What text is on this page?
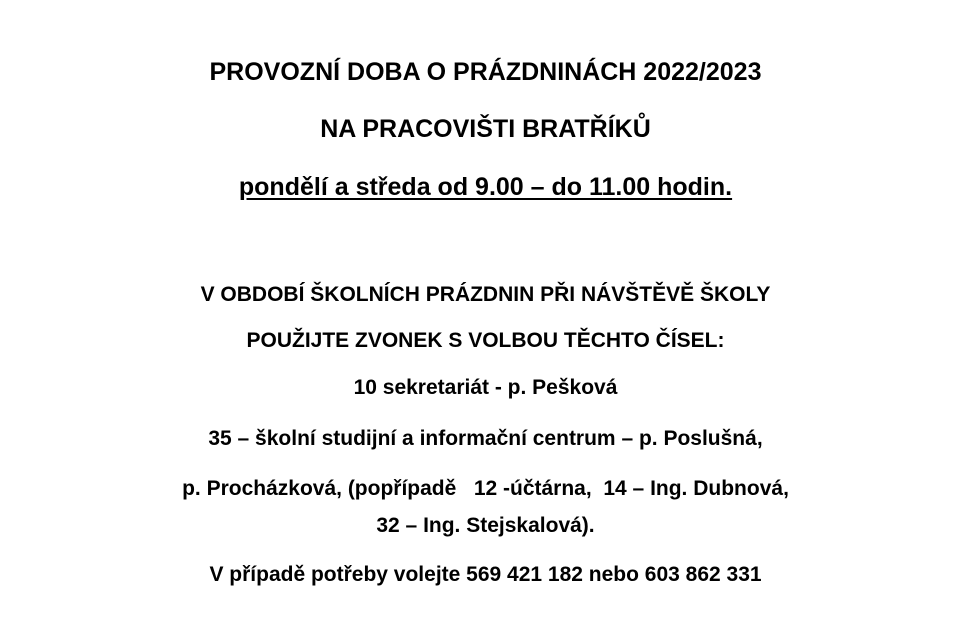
PROVOZNÍ DOBA O PRÁZDNINÁCH 2022/2023
NA PRACOVIŠTI BRATŘÍKŮ
pondělí a středa od 9.00 – do 11.00 hodin.
V OBDOBÍ ŠKOLNÍCH PRÁZDNIN PŘI NÁVŠTĚVĚ ŠKOLY
POUŽIJTE ZVONEK S VOLBOU TĚCHTO ČÍSEL:
10 sekretariát - p. Pešková
35 – školní studijní a informační centrum – p. Poslušná,
p. Procházková, (popřípadě   12 -účtárna,  14 – Ing. Dubnová,
32 – Ing. Stejskalová).
V případě potřeby volejte 569 421 182 nebo 603 862 331
